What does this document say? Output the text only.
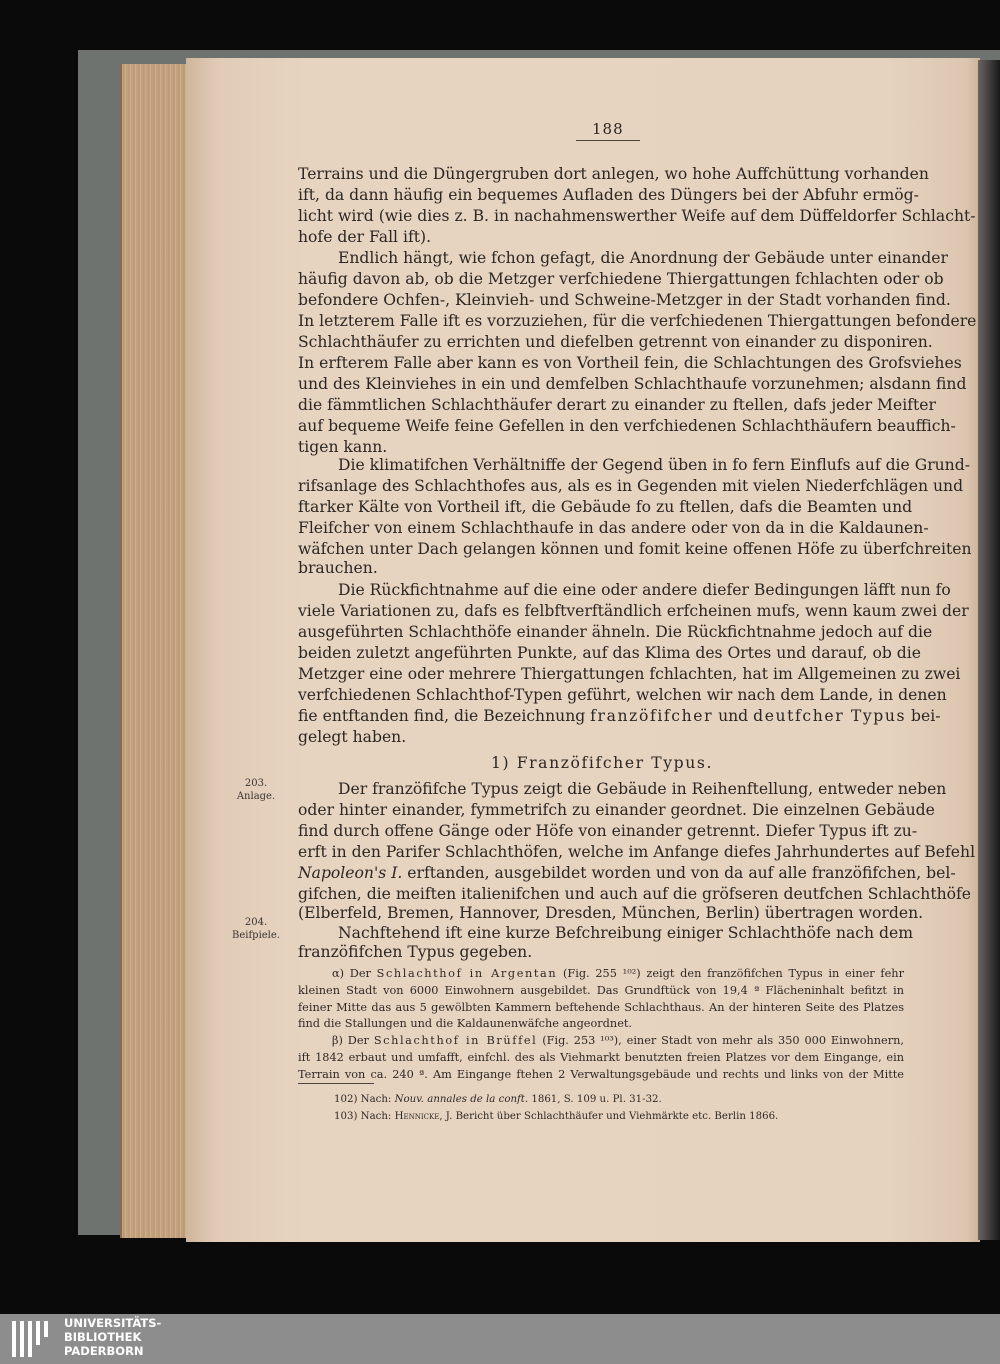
188
Terrains und die Düngergruben dort anlegen, wo hohe Auffchüttung vorhanden
ift, da dann häufig ein bequemes Aufladen des Düngers bei der Abfuhr ermög-
licht wird (wie dies z. B. in nachahmenswerther Weife auf dem Düffeldorfer Schlacht-
hofe der Fall ift).
Endlich hängt, wie fchon gefagt, die Anordnung der Gebäude unter einander
häufig davon ab, ob die Metzger verfchiedene Thiergattungen fchlachten oder ob
befondere Ochfen-, Kleinvieh- und Schweine-Metzger in der Stadt vorhanden find.
In letzterem Falle ift es vorzuziehen, für die verfchiedenen Thiergattungen befondere
Schlachthäufer zu errichten und diefelben getrennt von einander zu disponiren.
In erfterem Falle aber kann es von Vortheil fein, die Schlachtungen des Grofsviehes
und des Kleinviehes in ein und demfelben Schlachthaufe vorzunehmen; alsdann find
die fämmtlichen Schlachthäufer derart zu einander zu ftellen, dafs jeder Meifter
auf bequeme Weife feine Gefellen in den verfchiedenen Schlachthäufern beauffich-
tigen kann.
Die klimatifchen Verhältniffe der Gegend üben in fo fern Einflufs auf die Grund-
rifsanlage des Schlachthofes aus, als es in Gegenden mit vielen Niederfchlägen und
ftarker Kälte von Vortheil ift, die Gebäude fo zu ftellen, dafs die Beamten und
Fleifcher von einem Schlachthaufe in das andere oder von da in die Kaldaunen-
wäfchen unter Dach gelangen können und fomit keine offenen Höfe zu überfchreiten
brauchen.
Die Rückfichtnahme auf die eine oder andere diefer Bedingungen läfft nun fo
viele Variationen zu, dafs es felbftverftändlich erfcheinen mufs, wenn kaum zwei der
ausgeführten Schlachthöfe einander ähneln. Die Rückfichtnahme jedoch auf die
beiden zuletzt angeführten Punkte, auf das Klima des Ortes und darauf, ob die
Metzger eine oder mehrere Thiergattungen fchlachten, hat im Allgemeinen zu zwei
verfchiedenen Schlachthof-Typen geführt, welchen wir nach dem Lande, in denen
fie entftanden find, die Bezeichnung franzöfifcher und deutfcher Typus bei-
gelegt haben.
1) Franzöfifcher Typus.
Der franzöfifche Typus zeigt die Gebäude in Reihenftellung, entweder neben
oder hinter einander, fymmetrifch zu einander geordnet. Die einzelnen Gebäude
find durch offene Gänge oder Höfe von einander getrennt. Diefer Typus ift zu-
erft in den Parifer Schlachthöfen, welche im Anfange diefes Jahrhundertes auf Befehl
Napoleon's I. erftanden, ausgebildet worden und von da auf alle franzöfifchen, bel-
gifchen, die meiften italienifchen und auch auf die gröfseren deutfchen Schlachthöfe
(Elberfeld, Bremen, Hannover, Dresden, München, Berlin) übertragen worden.
Nachftehend ift eine kurze Befchreibung einiger Schlachthöfe nach dem
franzöfifchen Typus gegeben.
α) Der Schlachthof in Argentan (Fig. 255 ¹⁰²) zeigt den franzöfifchen Typus in einer fehr
kleinen Stadt von 6000 Einwohnern ausgebildet. Das Grundftück von 19,4 ª Flächeninhalt befitzt in
feiner Mitte das aus 5 gewölbten Kammern beftehende Schlachthaus. An der hinteren Seite des Platzes
find die Stallungen und die Kaldaunenwäfche angeordnet.
β) Der Schlachthof in Brüffel (Fig. 253 ¹⁰³), einer Stadt von mehr als 350 000 Einwohnern,
ift 1842 erbaut und umfafft, einfchl. des als Viehmarkt benutzten freien Platzes vor dem Eingange, ein
Terrain von ca. 240 ª. Am Eingange ftehen 2 Verwaltungsgebäude und rechts und links von der Mitte
102) Nach: Nouv. annales de la conft. 1861, S. 109 u. Pl. 31-32.
103) Nach: Hennicke, J. Bericht über Schlachthäufer und Viehmärkte etc. Berlin 1866.
203.
Anlage.
204.
Beifpiele.
UNIVERSITÄTS-
BIBLIOTHEK
PADERBORN
